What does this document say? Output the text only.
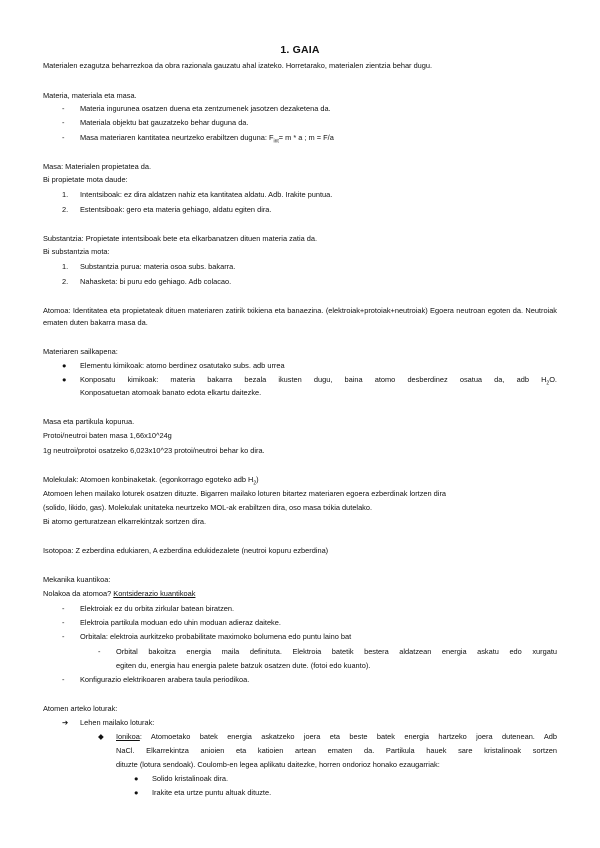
1. GAIA
Materialen ezagutza beharrezkoa da obra razionala gauzatu ahal izateko. Horretarako, materialen zientzia behar dugu.
Materia, materiala eta masa.
- Materia ingurunea osatzen duena eta zentzumenek jasotzen dezaketena da.
- Materiala objektu bat gauzatzeko behar duguna da.
- Masa materiaren kantitatea neurtzeko erabiltzen duguna: $F_{int}= m * a$ ; m = F/a
Masa: Materialen propietatea da.
Bi propietate mota daude:
1. Intentsiboak: ez dira aldatzen nahiz eta kantitatea aldatu. Adb. Irakite puntua.
2. Estentsiboak: gero eta materia gehiago, aldatu egiten dira.
Substantzia: Propietate intentsiboak bete eta elkarbanatzen dituen materia zatia da.
Bi substantzia mota:
1. Substantzia purua: materia osoa subs. bakarra.
2. Nahasketa: bi puru edo gehiago. Adb colacao.
Atomoa: Identitatea eta propietateak dituen materiaren zatirik txikiena eta banaezina. (elektroiak+protoiak+neutroiak) Egoera neutroan egoten da. Neutroiak ematen duten bakarra masa da.
Materiaren sailkapena:
● Elementu kimikoak: atomo berdinez osatutako subs. adb urrea
● Konposatu kimikoak: materia bakarra bezala ikusten dugu, baina atomo desberdinez osatua da, adb $H_2O$.
Konposatuetan atomoak banato edota elkartu daitezke.
Masa eta partikula kopurua.
Protoi/neutroi baten masa 1,66x10^24g
1g neutroi/protoi osatzeko 6,023x10^23 protoi/neutroi behar ko dira.
Molekulak: Atomoen konbinaketak. (egonkorrago egoteko adb $H_2$)
Atomoen lehen mailako loturek osatzen dituzte. Bigarren mailako loturen bitartez materiaren egoera ezberdinak lortzen dira
(solido, likido, gas). Molekulak unitateka neurtzeko MOL-ak erabiltzen dira, oso masa txikia dutelako.
Bi atomo gerturatzean elkarrekintzak sortzen dira.
Isotopoa: Z ezberdina edukiaren, A ezberdina edukidezalete (neutroi kopuru ezberdina)
Mekanika kuantikoa:
Nolakoa da atomoa? Kontsiderazio kuantikoak
- Elektroiak ez du orbita zirkular batean biratzen.
- Elektroia partikula moduan edo uhin moduan adieraz daiteke.
- Orbitala: elektroia aurkitzeko probabilitate maximoko bolumena edo puntu laino bat
- Orbital bakoitza energia maila definituta. Elektroia batetik bestera aldatzean energia askatu edo xurgatu
egiten du, energia hau energia palete batzuk osatzen dute. (fotoi edo kuanto).
- Konfigurazio elektrikoaren arabera taula periodikoa.
Atomen arteko loturak:
➔ Lehen mailako loturak:
◆ Ionikoa: Atomoetako batek energia askatzeko joera eta beste batek energia hartzeko joera dutenean. Adb
NaCl. Elkarrekintza anioien eta katioien artean ematen da. Partikula hauek sare kristalinoak sortzen
dituzte (lotura sendoak). Coulomb-en legea aplikatu daitezke, horren ondorioz honako ezaugarriak:
● Solido kristalinoak dira.
● Irakite eta urtze puntu altuak dituzte.
